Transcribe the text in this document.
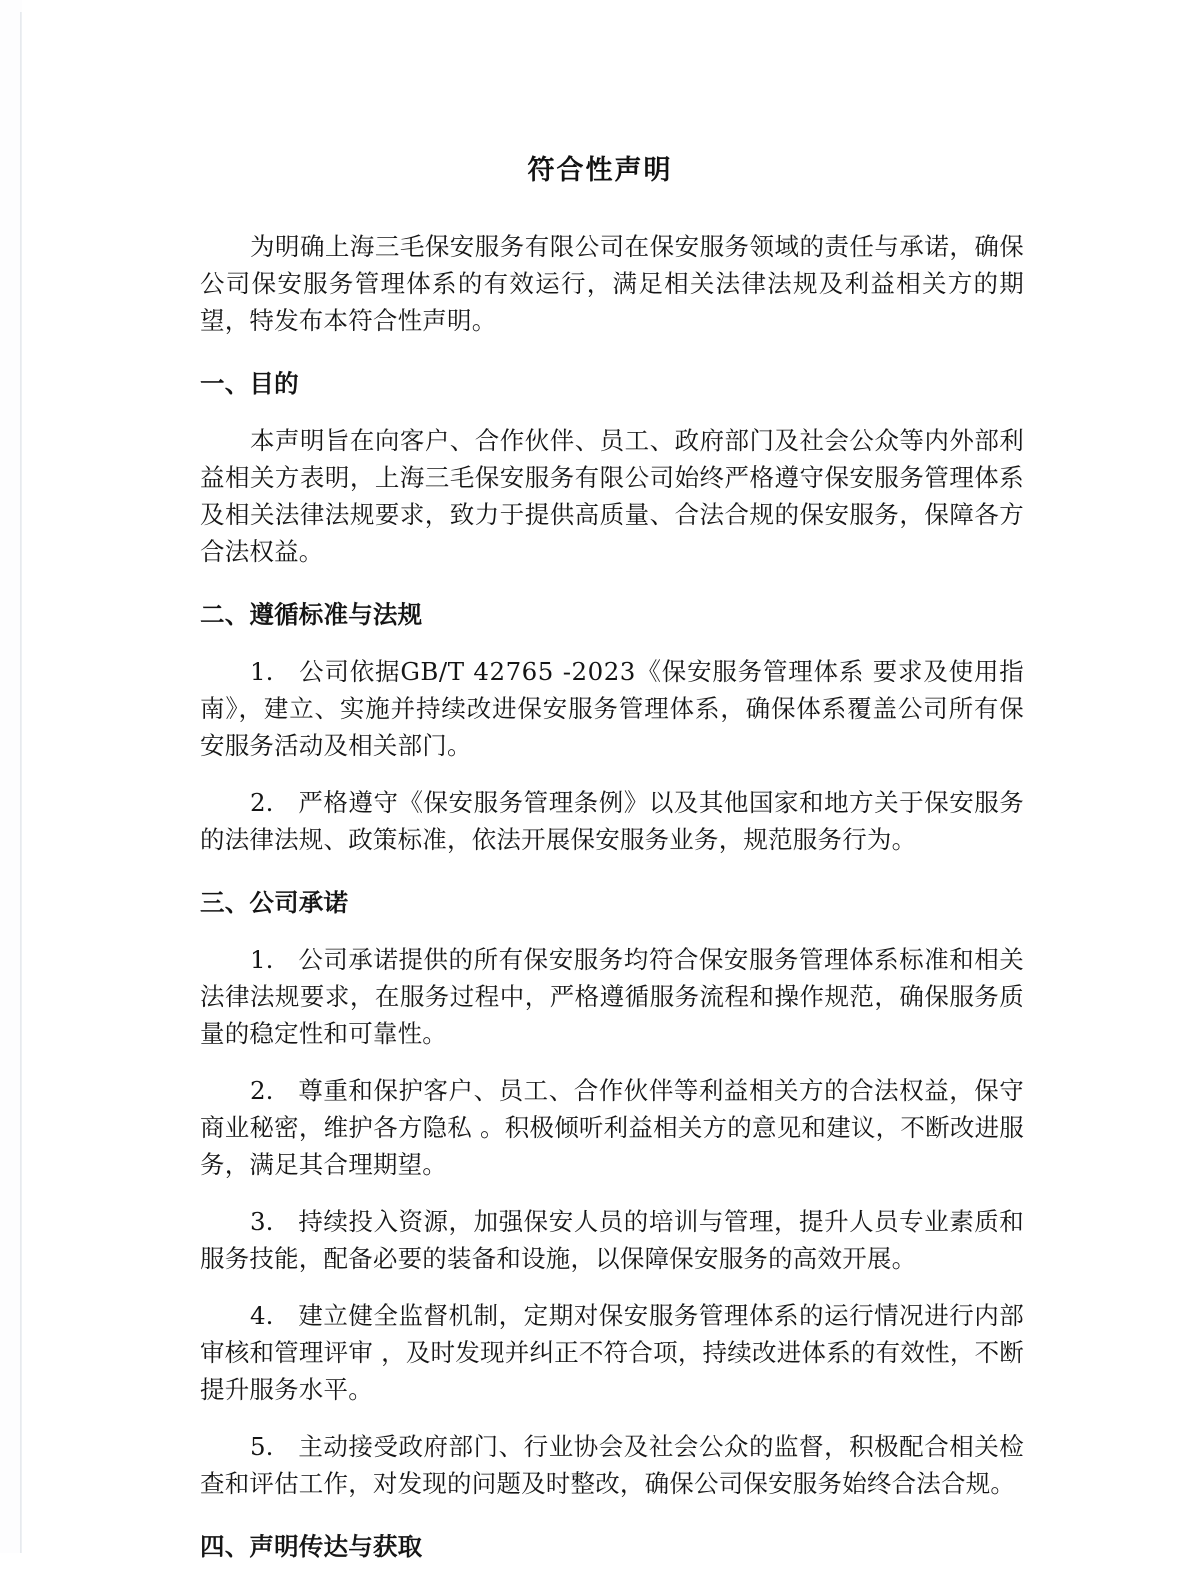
符合性声明

为明确上海三毛保安服务有限公司在保安服务领域的责任与承诺，确保公司保安服务管理体系的有效运行，满足相关法律法规及利益相关方的期望，特发布本符合性声明。

一、目的

本声明旨在向客户、合作伙伴、员工、政府部门及社会公众等内外部利益相关方表明，上海三毛保安服务有限公司始终严格遵守保安服务管理体系及相关法律法规要求，致力于提供高质量、合法合规的保安服务，保障各方合法权益。

二、遵循标准与法规

1. 公司依据GB/T 42765 -2023《保安服务管理体系 要求及使用指南》，建立、实施并持续改进保安服务管理体系，确保体系覆盖公司所有保安服务活动及相关部门。

2. 严格遵守《保安服务管理条例》以及其他国家和地方关于保安服务的法律法规、政策标准，依法开展保安服务业务，规范服务行为。

三、公司承诺

1. 公司承诺提供的所有保安服务均符合保安服务管理体系标准和相关法律法规要求，在服务过程中，严格遵循服务流程和操作规范，确保服务质量的稳定性和可靠性。

2. 尊重和保护客户、员工、合作伙伴等利益相关方的合法权益，保守商业秘密，维护各方隐私 。积极倾听利益相关方的意见和建议，不断改进服务，满足其合理期望。

3. 持续投入资源，加强保安人员的培训与管理，提升人员专业素质和服务技能，配备必要的装备和设施，以保障保安服务的高效开展。

4. 建立健全监督机制，定期对保安服务管理体系的运行情况进行内部审核和管理评审 ，及时发现并纠正不符合项，持续改进体系的有效性，不断提升服务水平。

5. 主动接受政府部门、行业协会及社会公众的监督，积极配合相关检查和评估工作，对发现的问题及时整改，确保公司保安服务始终合法合规。

四、声明传达与获取
